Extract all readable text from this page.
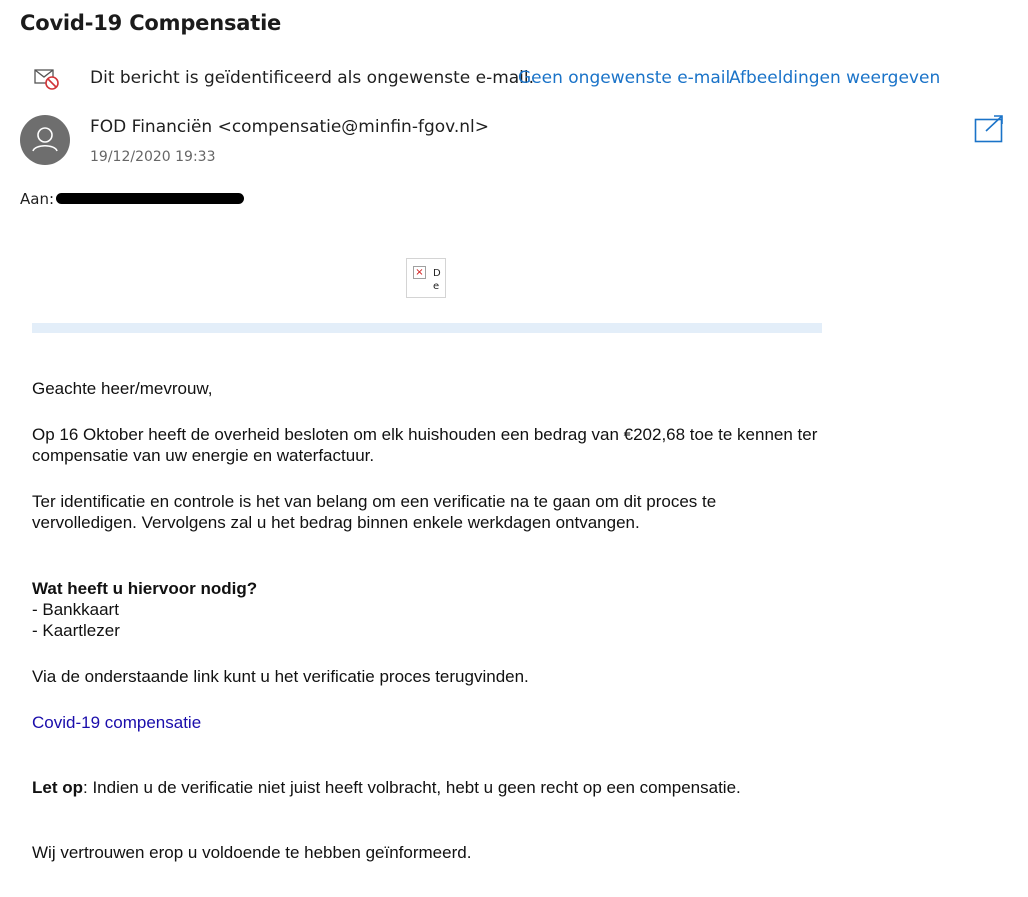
Covid-19 Compensatie
Dit bericht is geïdentificeerd als ongewenste e-mail.
Geen ongewenste e-mail
Afbeeldingen weergeven
FOD Financiën <compensatie@minfin-fgov.nl>
19/12/2020 19:33
Aan:
× De
Geachte heer/mevrouw,
Op 16 Oktober heeft de overheid besloten om elk huishouden een bedrag van €202,68 toe te kennen ter compensatie van uw energie en waterfactuur.
Ter identificatie en controle is het van belang om een verificatie na te gaan om dit proces te vervolledigen. Vervolgens zal u het bedrag binnen enkele werkdagen ontvangen.
Wat heeft u hiervoor nodig?
- Bankkaart
- Kaartlezer
Via de onderstaande link kunt u het verificatie proces terugvinden.
Covid-19 compensatie
Let op: Indien u de verificatie niet juist heeft volbracht, hebt u geen recht op een compensatie.
Wij vertrouwen erop u voldoende te hebben geïnformeerd.
